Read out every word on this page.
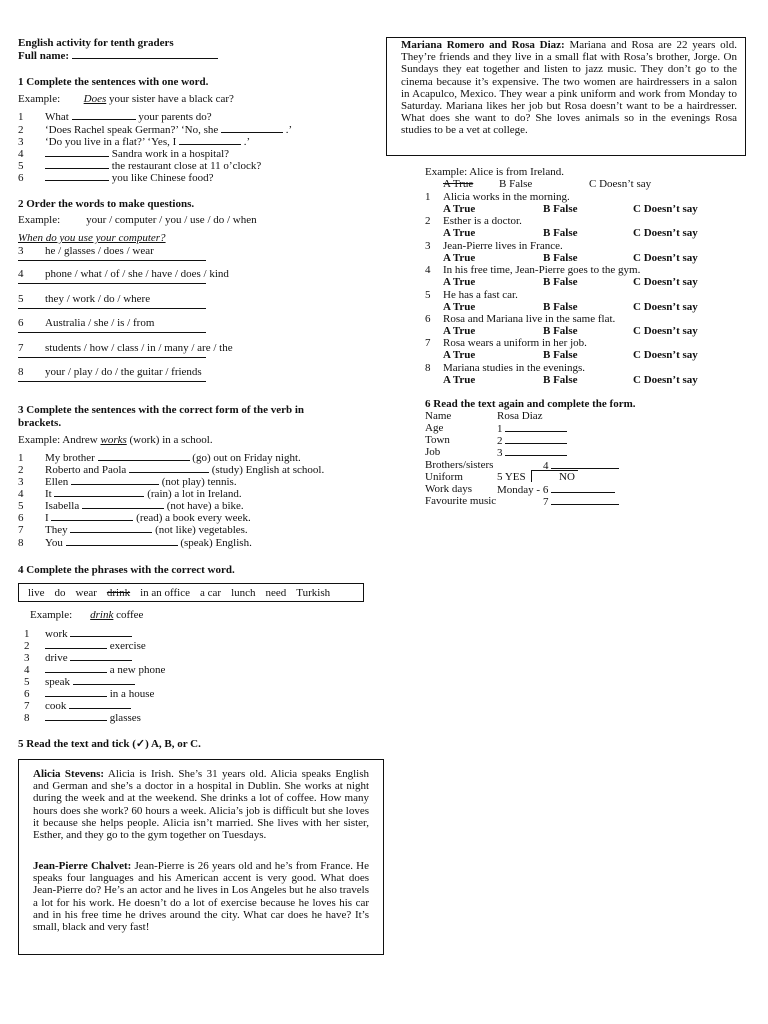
English activity for tenth graders
Full name:
1 Complete the sentences with one word.
Example: Does your sister have a black car?
1 What	your parents do?
2 ‘Does Rachel speak German?’ ‘No, she	.’
3 ‘Do you live in a flat?’ ‘Yes, I	.’
4	Sandra work in a hospital?
5	the restaurant close at 11 o’clock?
6	you like Chinese food?
2 Order the words to make questions.
Example: your / computer / you / use / do / when
When do you use your computer?
3 he / glasses / does / wear
4 phone / what / of / she / have / does / kind
5 they / work / do / where
6 Australia / she / is / from
7 students / how / class / in / many / are / the
8 your / play / do / the guitar / friends
3 Complete the sentences with the correct form of the verb in
brackets.
Example: Andrew works (work) in a school.
1 My brother	(go) out on Friday night.
2 Roberto and Paola	(study) English at school.
3 Ellen	(not play) tennis.
4 It	(rain) a lot in Ireland.
5 Isabella	(not have) a bike.
6 I	(read) a book every week.
7 They	(not like) vegetables.
8 You	(speak) English.
4 Complete the phrases with the correct word.
live do wear drink in an office a car lunch need Turkish
Example: drink coffee
1 work
2	exercise
3 drive
4	a new phone
5 speak
6	in a house
7 cook
8	glasses
5 Read the text and tick (✓) A, B, or C.
Alicia Stevens: Alicia is Irish. She’s 31 years old. Alicia speaks English and German and she’s a doctor in a hospital in Dublin. She works at night during the week and at the weekend. She drinks a lot of coffee. How many hours does she work? 60 hours a week. Alicia’s job is difficult but she loves it because she helps people. Alicia isn’t married. She lives with her sister, Esther, and they go to the gym together on Tuesdays.
Jean-Pierre Chalvet: Jean-Pierre is 26 years old and he’s from France. He speaks four languages and his American accent is very good. What does Jean-Pierre do? He’s an actor and he lives in Los Angeles but he also travels a lot for his work. He doesn’t do a lot of exercise because he loves his car and in his free time he drives around the city. What car does he have? It’s small, black and very fast!
Mariana Romero and Rosa Diaz: Mariana and Rosa are 22 years old. They’re friends and they live in a small flat with Rosa’s brother, Jorge. On Sundays they eat together and listen to jazz music. They don’t go to the cinema because it’s expensive. The two women are hairdressers in a salon in Acapulco, Mexico. They wear a pink uniform and work from Monday to Saturday. Mariana likes her job but Rosa doesn’t want to be a hairdresser. What does she want to do? She loves animals so in the evenings Rosa studies to be a vet at college.
Example: Alice is from Ireland.
A True B False	C Doesn’t say
1 Alicia works in the morning.
A True	B False	C Doesn’t say
2 Esther is a doctor.
A True	B False	C Doesn’t say
3 Jean-Pierre lives in France.
A True	B False	C Doesn’t say
4 In his free time, Jean-Pierre goes to the gym.
A True	B False	C Doesn’t say
5 He has a fast car.
A True	B False	C Doesn’t say
6 Rosa and Mariana live in the same flat.
A True	B False	C Doesn’t say
7 Rosa wears a uniform in her job.
A True	B False	C Doesn’t say
8 Mariana studies in the evenings.
A True	B False	C Doesn’t say
6 Read the text again and complete the form.
Name	Rosa Diaz
Age	1
Town	2
Job	3
Brothers/sisters	4
Uniform	5 YES	NO
Work days Monday - 6
Favourite music	7
